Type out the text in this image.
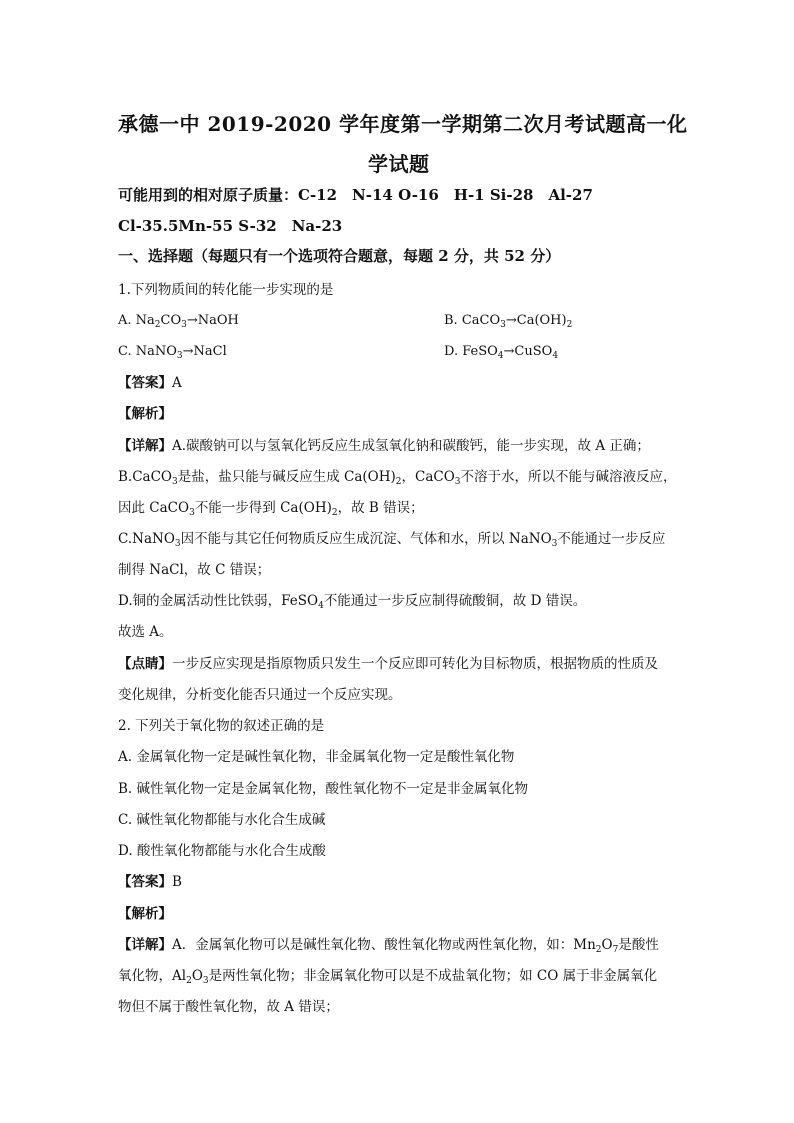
承德一中 2019-2020 学年度第一学期第二次月考试题高一化
学试题
可能用到的相对原子质量：C-12　N-14 O-16　H-1 Si-28　Al-27
Cl-35.5Mn-55 S-32　Na-23
一、选择题（每题只有一个选项符合题意，每题 2 分，共 52 分）
1.下列物质间的转化能一步实现的是
A. $Na_2CO_3\to NaOH$	B. $CaCO_3\to Ca(OH)_2$
C. NaNO$_3$→NaCl	D. FeSO$_4$→CuSO$_4$
【答案】A
【解析】
【详解】A.碳酸钠可以与氢氧化钙反应生成氢氧化钠和碳酸钙，能一步实现，故 A 正确；
B.CaCO$_3$是盐，盐只能与碱反应生成 $Ca(OH)_2$，CaCO$_3$不溶于水，所以不能与碱溶液反应，
因此 CaCO$_3$不能一步得到 $Ca(OH)_2$，故 B 错误；
C.NaNO$_3$因不能与其它任何物质反应生成沉淀、气体和水，所以 NaNO$_3$不能通过一步反应
制得 NaCl，故 C 错误；
D.铜的金属活动性比铁弱，FeSO$_4$不能通过一步反应制得硫酸铜，故 D 错误。
故选 A。
【点睛】一步反应实现是指原物质只发生一个反应即可转化为目标物质，根据物质的性质及
变化规律，分析变化能否只通过一个反应实现。
2. 下列关于氧化物的叙述正确的是
A. 金属氧化物一定是碱性氧化物，非金属氧化物一定是酸性氧化物
B. 碱性氧化物一定是金属氧化物，酸性氧化物不一定是非金属氧化物
C. 碱性氧化物都能与水化合生成碱
D. 酸性氧化物都能与水化合生成酸
【答案】B
【解析】
【详解】A．金属氧化物可以是碱性氧化物、酸性氧化物或两性氧化物，如：$Mn_2O_7$是酸性
氧化物，$Al_2O_3$是两性氧化物；非金属氧化物可以是不成盐氧化物；如 CO 属于非金属氧化
物但不属于酸性氧化物，故 A 错误；
